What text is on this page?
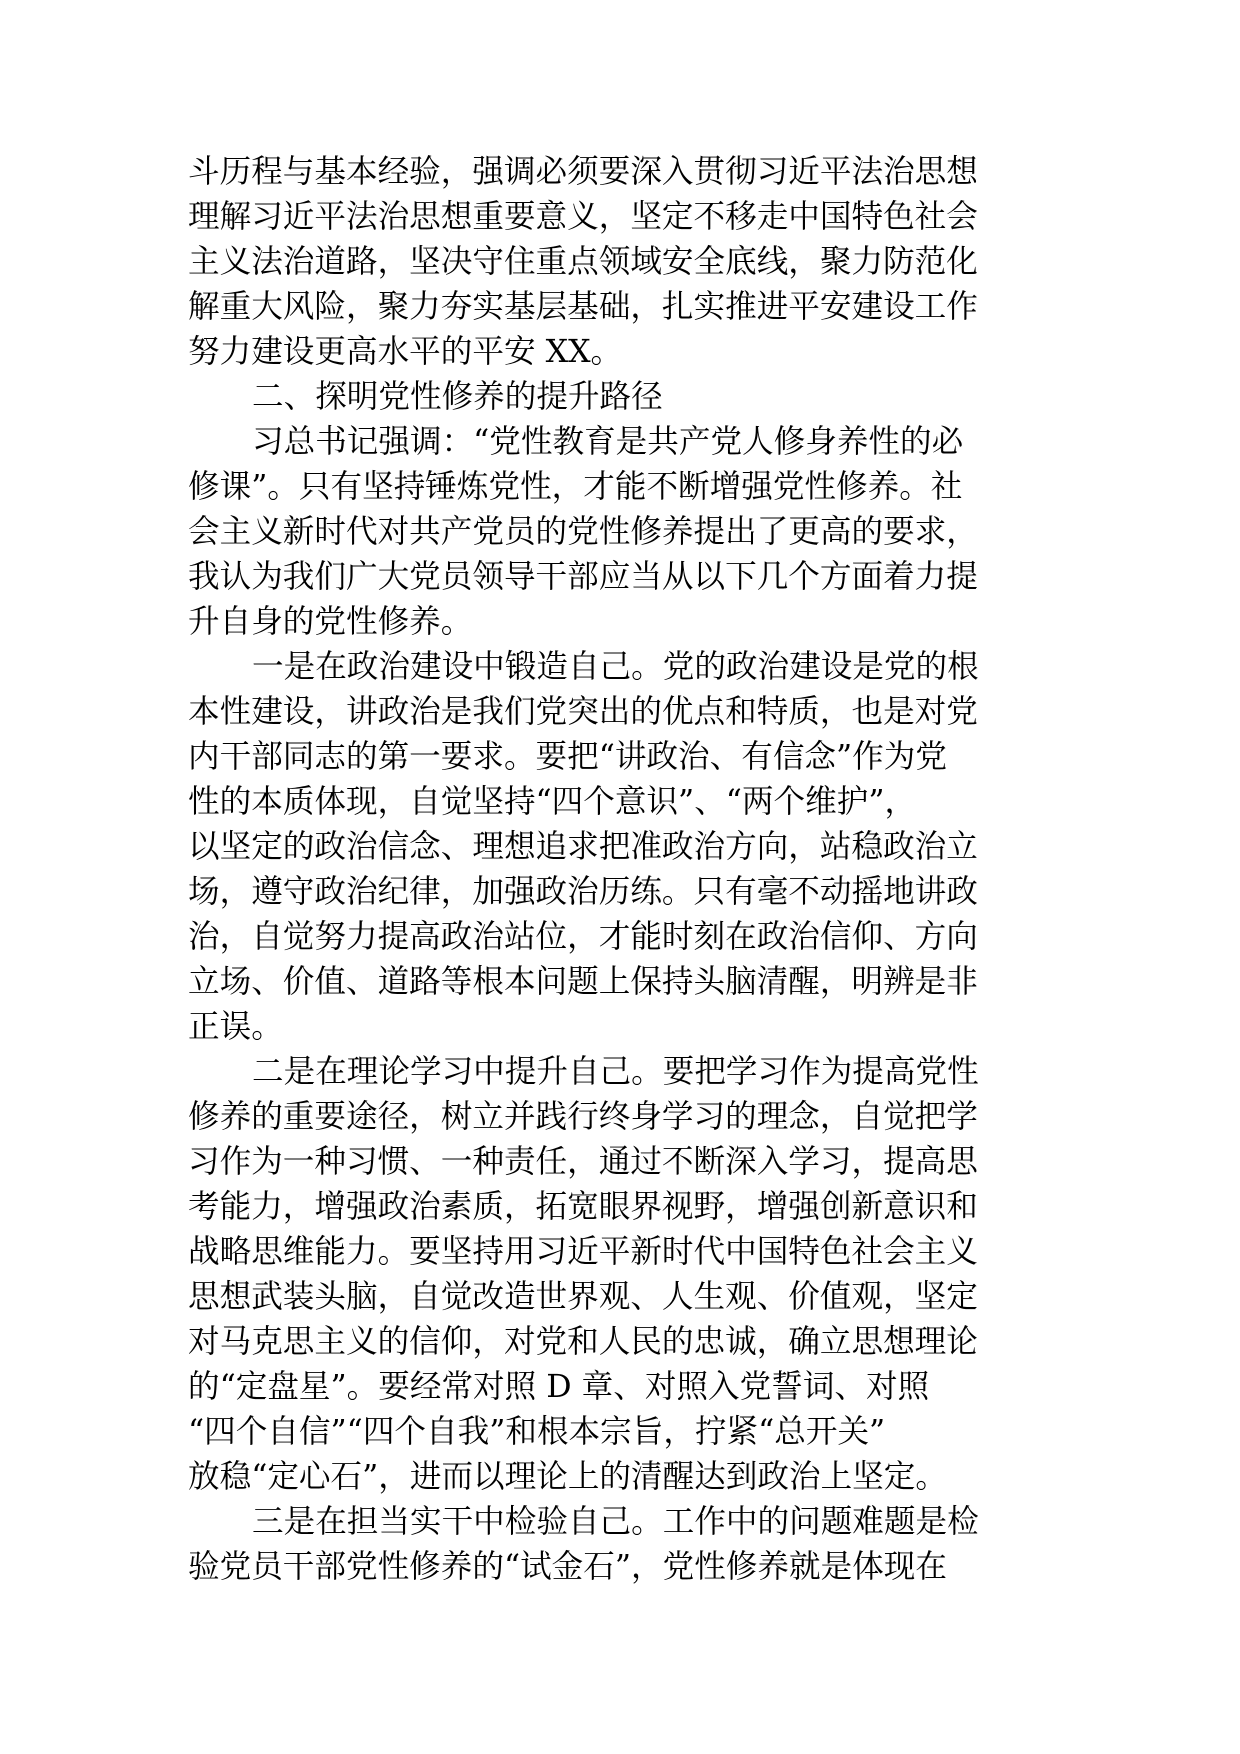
斗历程与基本经验，强调必须要深入贯彻习近平法治思想
理解习近平法治思想重要意义，坚定不移走中国特色社会
主义法治道路，坚决守住重点领域安全底线，聚力防范化
解重大风险，聚力夯实基层基础，扎实推进平安建设工作
努力建设更高水平的平安 XX。
二、探明党性修养的提升路径
习总书记强调：“党性教育是共产党人修身养性的必
修课”。只有坚持锤炼党性，才能不断增强党性修养。社
会主义新时代对共产党员的党性修养提出了更高的要求，
我认为我们广大党员领导干部应当从以下几个方面着力提
升自身的党性修养。
一是在政治建设中锻造自己。党的政治建设是党的根
本性建设，讲政治是我们党突出的优点和特质，也是对党
内干部同志的第一要求。要把“讲政治、有信念”作为党
性的本质体现，自觉坚持“四个意识”、“两个维护”，
以坚定的政治信念、理想追求把准政治方向，站稳政治立
场，遵守政治纪律，加强政治历练。只有毫不动摇地讲政
治，自觉努力提高政治站位，才能时刻在政治信仰、方向
立场、价值、道路等根本问题上保持头脑清醒，明辨是非
正误。
二是在理论学习中提升自己。要把学习作为提高党性
修养的重要途径，树立并践行终身学习的理念，自觉把学
习作为一种习惯、一种责任，通过不断深入学习，提高思
考能力，增强政治素质，拓宽眼界视野，增强创新意识和
战略思维能力。要坚持用习近平新时代中国特色社会主义
思想武装头脑，自觉改造世界观、人生观、价值观，坚定
对马克思主义的信仰，对党和人民的忠诚，确立思想理论
的“定盘星”。要经常对照 D 章、对照入党誓词、对照
“四个自信”“四个自我”和根本宗旨，拧紧“总开关”
放稳“定心石”，进而以理论上的清醒达到政治上坚定。
三是在担当实干中检验自己。工作中的问题难题是检
验党员干部党性修养的“试金石”，党性修养就是体现在
